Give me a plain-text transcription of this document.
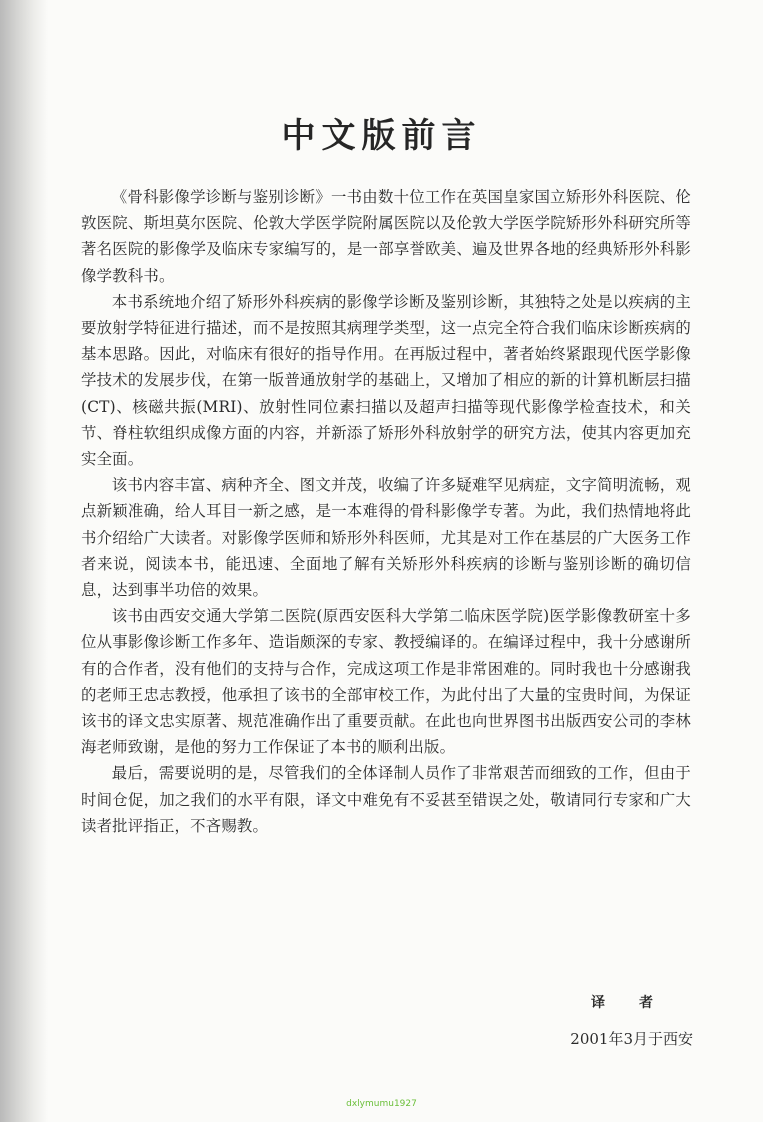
中文版前言

《骨科影像学诊断与鉴别诊断》一书由数十位工作在英国皇家国立矫形外科医院、伦敦医院、斯坦莫尔医院、伦敦大学医学院附属医院以及伦敦大学医学院矫形外科研究所等著名医院的影像学及临床专家编写的，是一部享誉欧美、遍及世界各地的经典矫形外科影像学教科书。

本书系统地介绍了矫形外科疾病的影像学诊断及鉴别诊断，其独特之处是以疾病的主要放射学特征进行描述，而不是按照其病理学类型，这一点完全符合我们临床诊断疾病的基本思路。因此，对临床有很好的指导作用。在再版过程中，著者始终紧跟现代医学影像学技术的发展步伐，在第一版普通放射学的基础上，又增加了相应的新的计算机断层扫描(CT)、核磁共振(MRI)、放射性同位素扫描以及超声扫描等现代影像学检查技术，和关节、脊柱软组织成像方面的内容，并新添了矫形外科放射学的研究方法，使其内容更加充实全面。

该书内容丰富、病种齐全、图文并茂，收编了许多疑难罕见病症，文字简明流畅，观点新颖准确，给人耳目一新之感，是一本难得的骨科影像学专著。为此，我们热情地将此书介绍给广大读者。对影像学医师和矫形外科医师，尤其是对工作在基层的广大医务工作者来说，阅读本书，能迅速、全面地了解有关矫形外科疾病的诊断与鉴别诊断的确切信息，达到事半功倍的效果。

该书由西安交通大学第二医院(原西安医科大学第二临床医学院)医学影像教研室十多位从事影像诊断工作多年、造诣颇深的专家、教授编译的。在编译过程中，我十分感谢所有的合作者，没有他们的支持与合作，完成这项工作是非常困难的。同时我也十分感谢我的老师王忠志教授，他承担了该书的全部审校工作，为此付出了大量的宝贵时间，为保证该书的译文忠实原著、规范准确作出了重要贡献。在此也向世界图书出版西安公司的李林海老师致谢，是他的努力工作保证了本书的顺利出版。

最后，需要说明的是，尽管我们的全体译制人员作了非常艰苦而细致的工作，但由于时间仓促，加之我们的水平有限，译文中难免有不妥甚至错误之处，敬请同行专家和广大读者批评指正，不吝赐教。

译　者
2001年3月于西安
dxlymumu1927
